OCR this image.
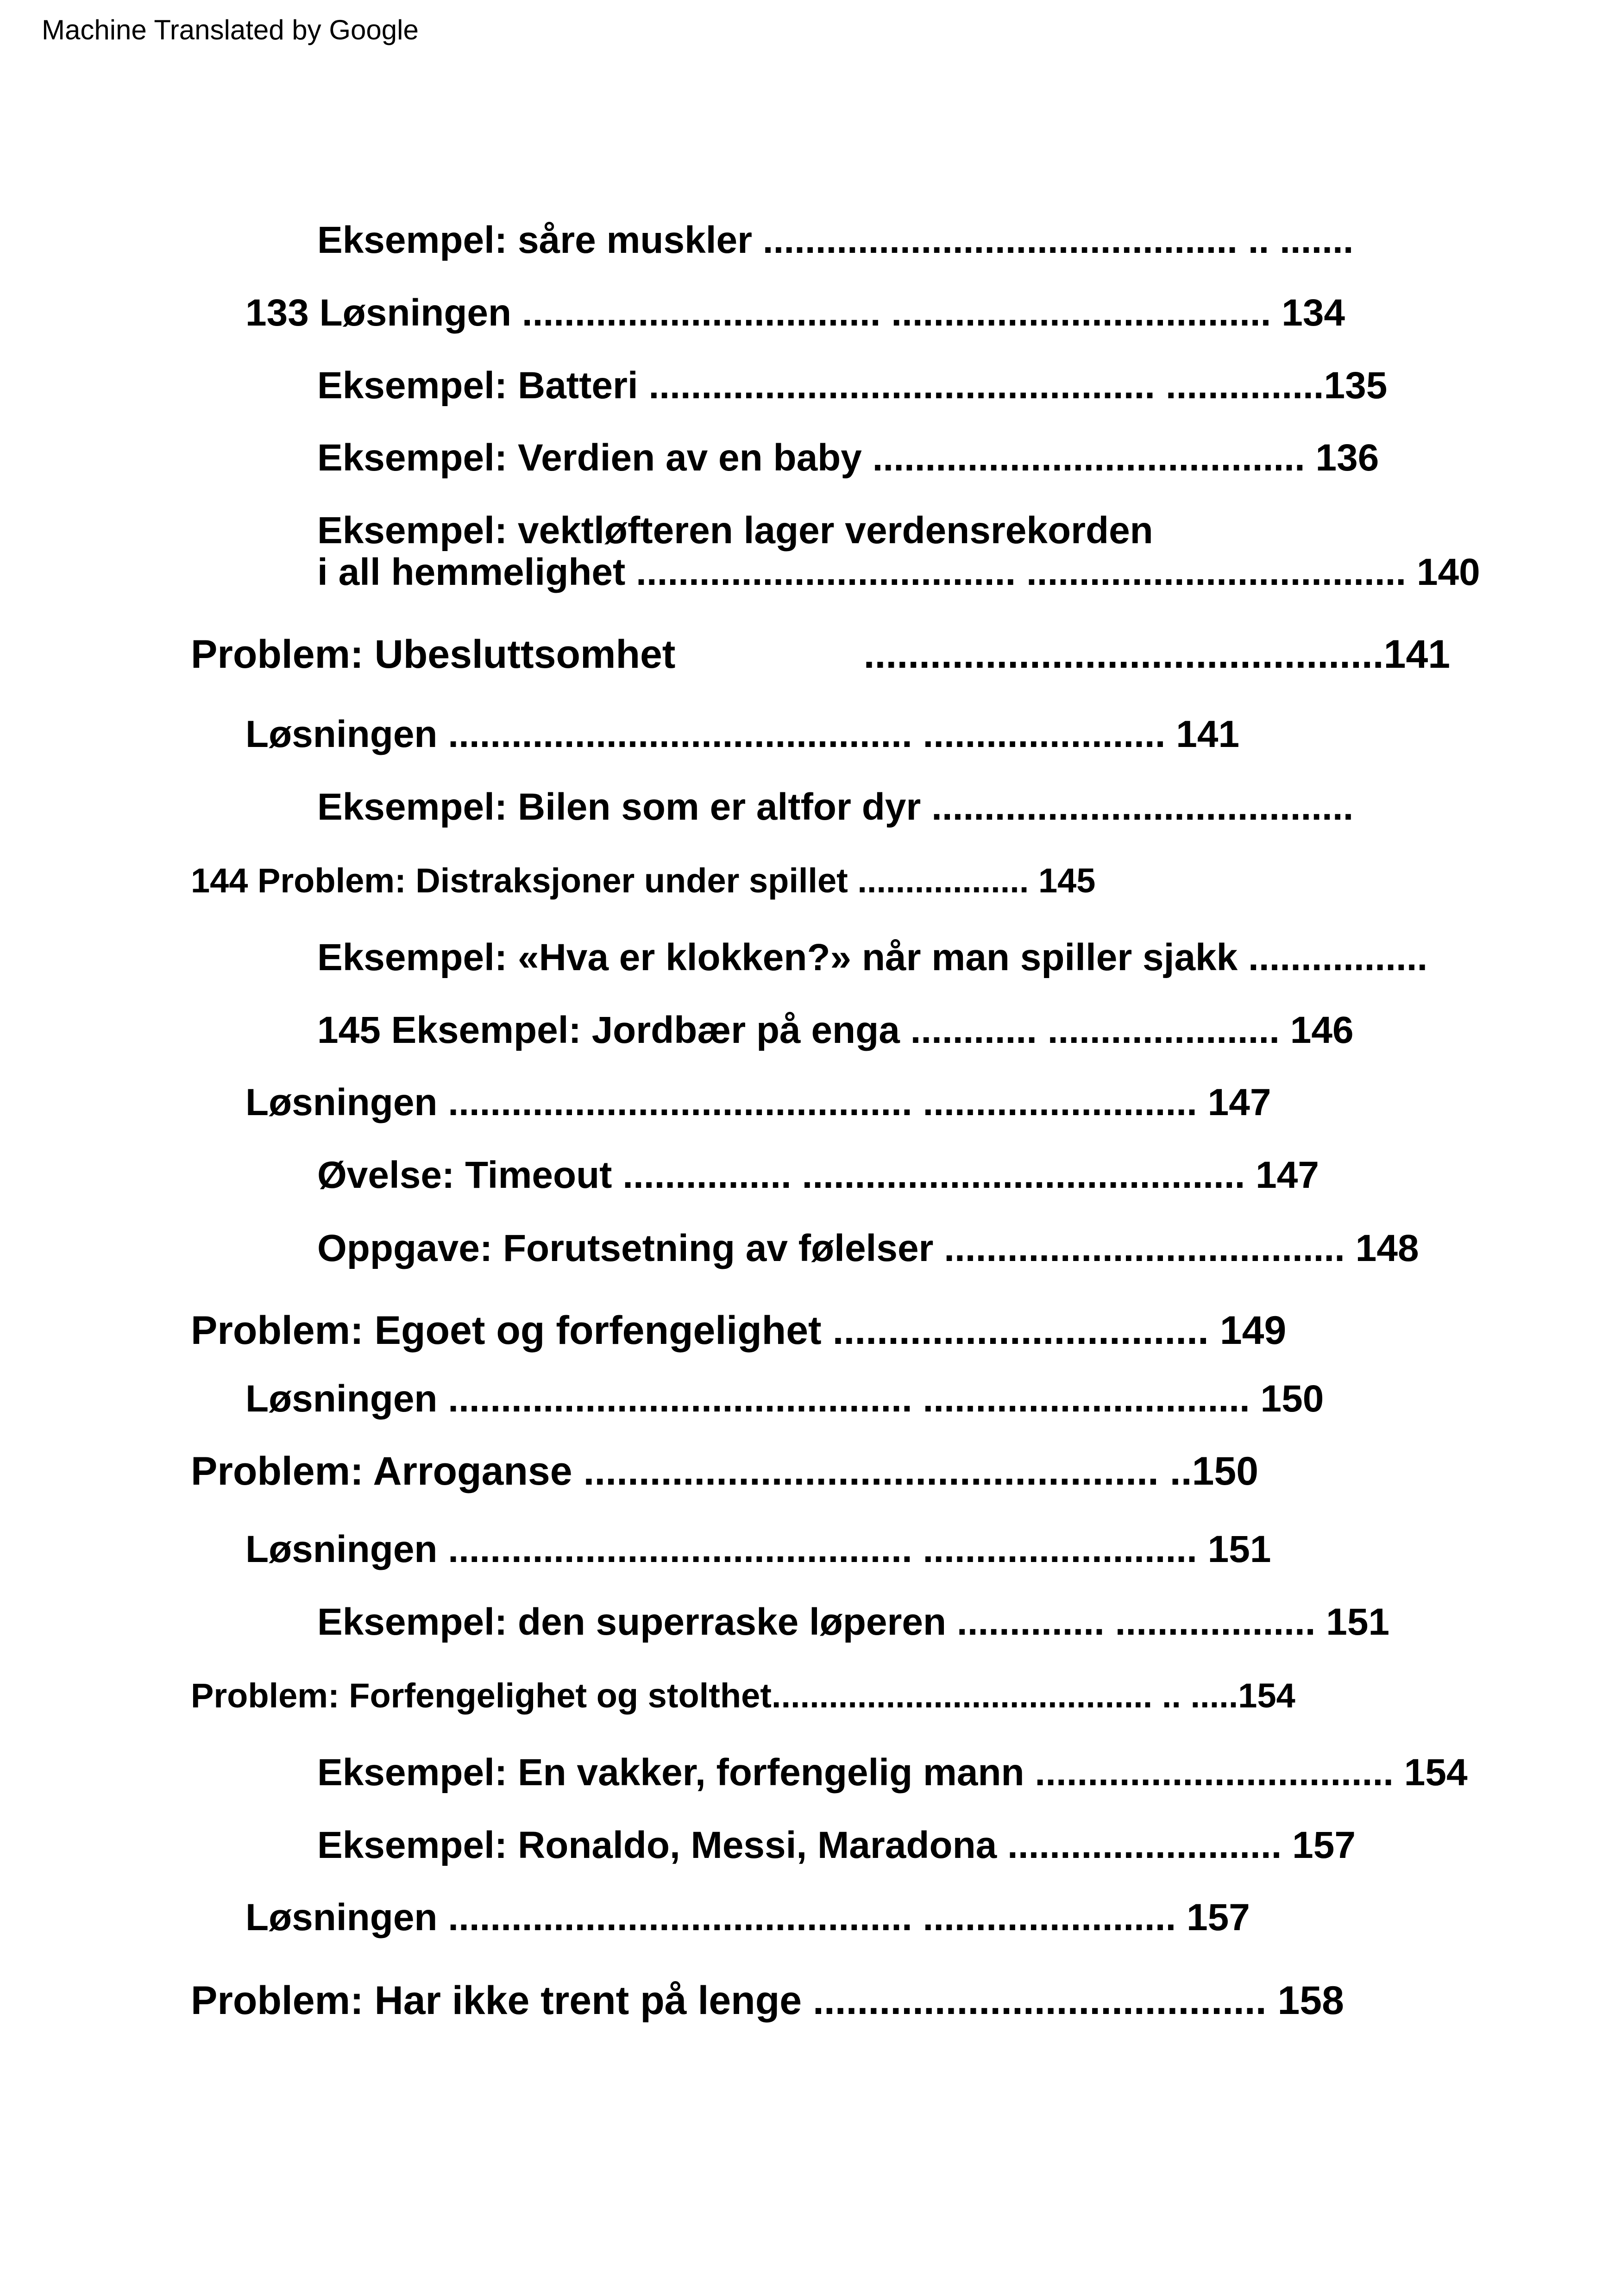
Machine Translated by Google
Eksempel: såre muskler ............................................. .. .......
133 Løsningen .................................. .................................... 134
Eksempel: Batteri ................................................ ...............135
Eksempel: Verdien av en baby ......................................... 136
Eksempel: vektløfteren lager verdensrekorden
i all hemmelighet .................................... .................................... 140
Problem: Ubesluttsomhet                 ...............................................141
Løsningen ............................................ ....................... 141
Eksempel: Bilen som er altfor dyr ........................................
144 Problem: Distraksjoner under spillet .................. 145
Eksempel: «Hva er klokken?» når man spiller sjakk .................
145 Eksempel: Jordbær på enga ............ ...................... 146
Løsningen ............................................ .......................... 147
Øvelse: Timeout ................ .......................................... 147
Oppgave: Forutsetning av følelser ...................................... 148
Problem: Egoet og forfengelighet .................................. 149
Løsningen ............................................ ............................... 150
Problem: Arroganse .................................................... ..150
Løsningen ............................................ .......................... 151
Eksempel: den superraske løperen .............. ................... 151
Problem: Forfengelighet og stolthet........................................ .. .....154
Eksempel: En vakker, forfengelig mann .................................. 154
Eksempel: Ronaldo, Messi, Maradona .......................... 157
Løsningen ............................................ ........................ 157
Problem: Har ikke trent på lenge ......................................... 158
